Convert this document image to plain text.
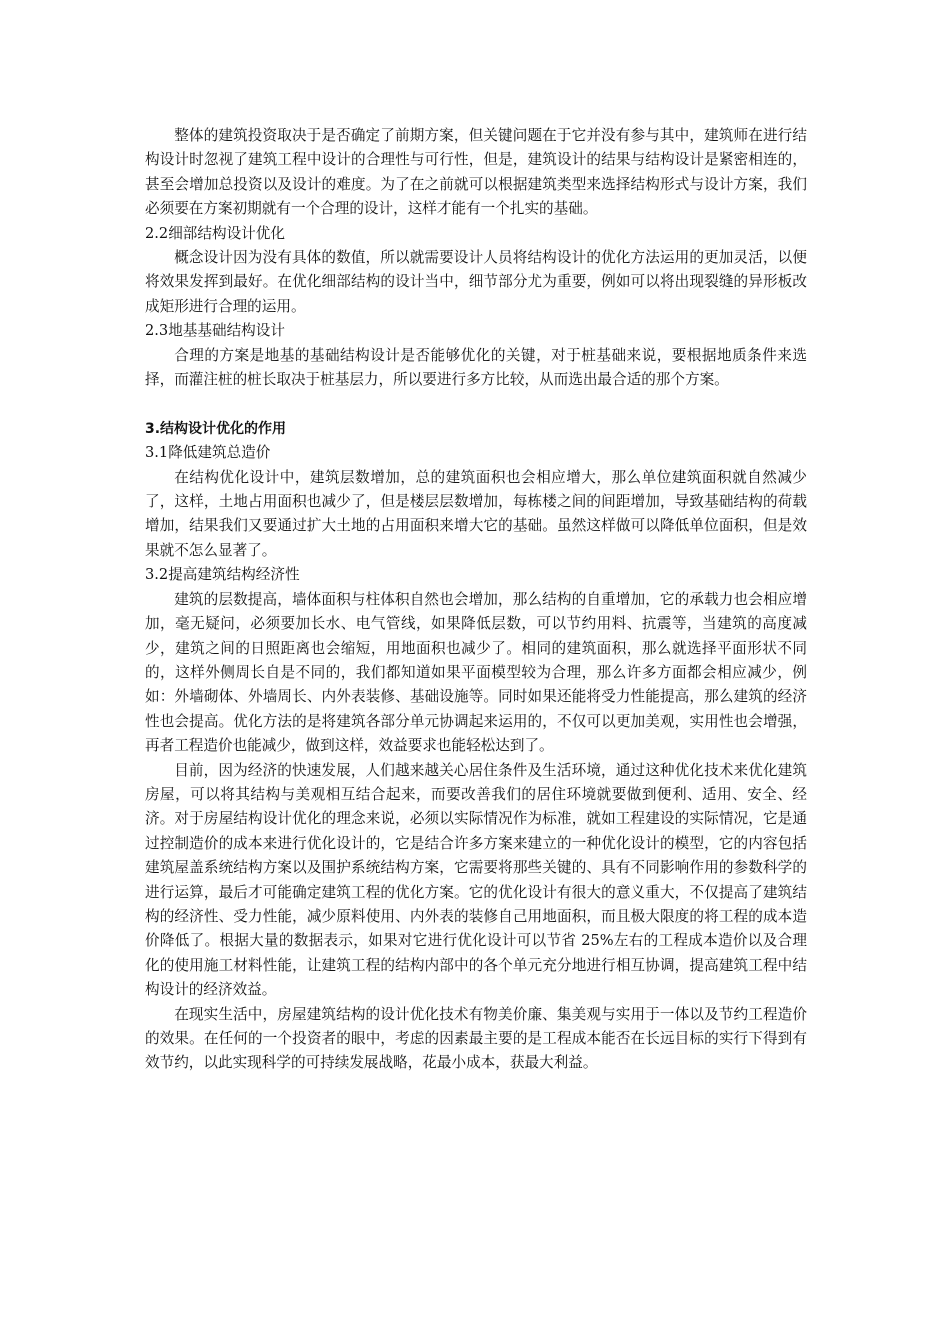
整体的建筑投资取决于是否确定了前期方案，但关键问题在于它并没有参与其中，建筑师在进行结构设计时忽视了建筑工程中设计的合理性与可行性，但是，建筑设计的结果与结构设计是紧密相连的，甚至会增加总投资以及设计的难度。为了在之前就可以根据建筑类型来选择结构形式与设计方案，我们必须要在方案初期就有一个合理的设计，这样才能有一个扎实的基础。

2.2细部结构设计优化

概念设计因为没有具体的数值，所以就需要设计人员将结构设计的优化方法运用的更加灵活，以便将效果发挥到最好。在优化细部结构的设计当中，细节部分尤为重要，例如可以将出现裂缝的异形板改成矩形进行合理的运用。

2.3地基基础结构设计

合理的方案是地基的基础结构设计是否能够优化的关键，对于桩基础来说，要根据地质条件来选择，而灌注桩的桩长取决于桩基层力，所以要进行多方比较，从而选出最合适的那个方案。

3.结构设计优化的作用
3.1降低建筑总造价

在结构优化设计中，建筑层数增加，总的建筑面积也会相应增大，那么单位建筑面积就自然减少了，这样，土地占用面积也减少了，但是楼层层数增加，每栋楼之间的间距增加，导致基础结构的荷载增加，结果我们又要通过扩大土地的占用面积来增大它的基础。虽然这样做可以降低单位面积，但是效果就不怎么显著了。

3.2提高建筑结构经济性

建筑的层数提高，墙体面积与柱体积自然也会增加，那么结构的自重增加，它的承载力也会相应增加，毫无疑问，必须要加长水、电气管线，如果降低层数，可以节约用料、抗震等，当建筑的高度减少，建筑之间的日照距离也会缩短，用地面积也减少了。相同的建筑面积，那么就选择平面形状不同的，这样外侧周长自是不同的，我们都知道如果平面模型较为合理，那么许多方面都会相应减少，例如：外墙砌体、外墙周长、内外表装修、基础设施等。同时如果还能将受力性能提高，那么建筑的经济性也会提高。优化方法的是将建筑各部分单元协调起来运用的，不仅可以更加美观，实用性也会增强，再者工程造价也能减少，做到这样，效益要求也能轻松达到了。

目前，因为经济的快速发展，人们越来越关心居住条件及生活环境，通过这种优化技术来优化建筑房屋，可以将其结构与美观相互结合起来，而要改善我们的居住环境就要做到便利、适用、安全、经济。对于房屋结构设计优化的理念来说，必须以实际情况作为标准，就如工程建设的实际情况，它是通过控制造价的成本来进行优化设计的，它是结合许多方案来建立的一种优化设计的模型，它的内容包括建筑屋盖系统结构方案以及围护系统结构方案，它需要将那些关键的、具有不同影响作用的参数科学的进行运算，最后才可能确定建筑工程的优化方案。它的优化设计有很大的意义重大，不仅提高了建筑结构的经济性、受力性能，减少原料使用、内外表的装修自己用地面积，而且极大限度的将工程的成本造价降低了。根据大量的数据表示，如果对它进行优化设计可以节省 25%左右的工程成本造价以及合理化的使用施工材料性能，让建筑工程的结构内部中的各个单元充分地进行相互协调，提高建筑工程中结构设计的经济效益。

在现实生活中，房屋建筑结构的设计优化技术有物美价廉、集美观与实用于一体以及节约工程造价的效果。在任何的一个投资者的眼中，考虑的因素最主要的是工程成本能否在长远目标的实行下得到有效节约，以此实现科学的可持续发展战略，花最小成本，获最大利益。
